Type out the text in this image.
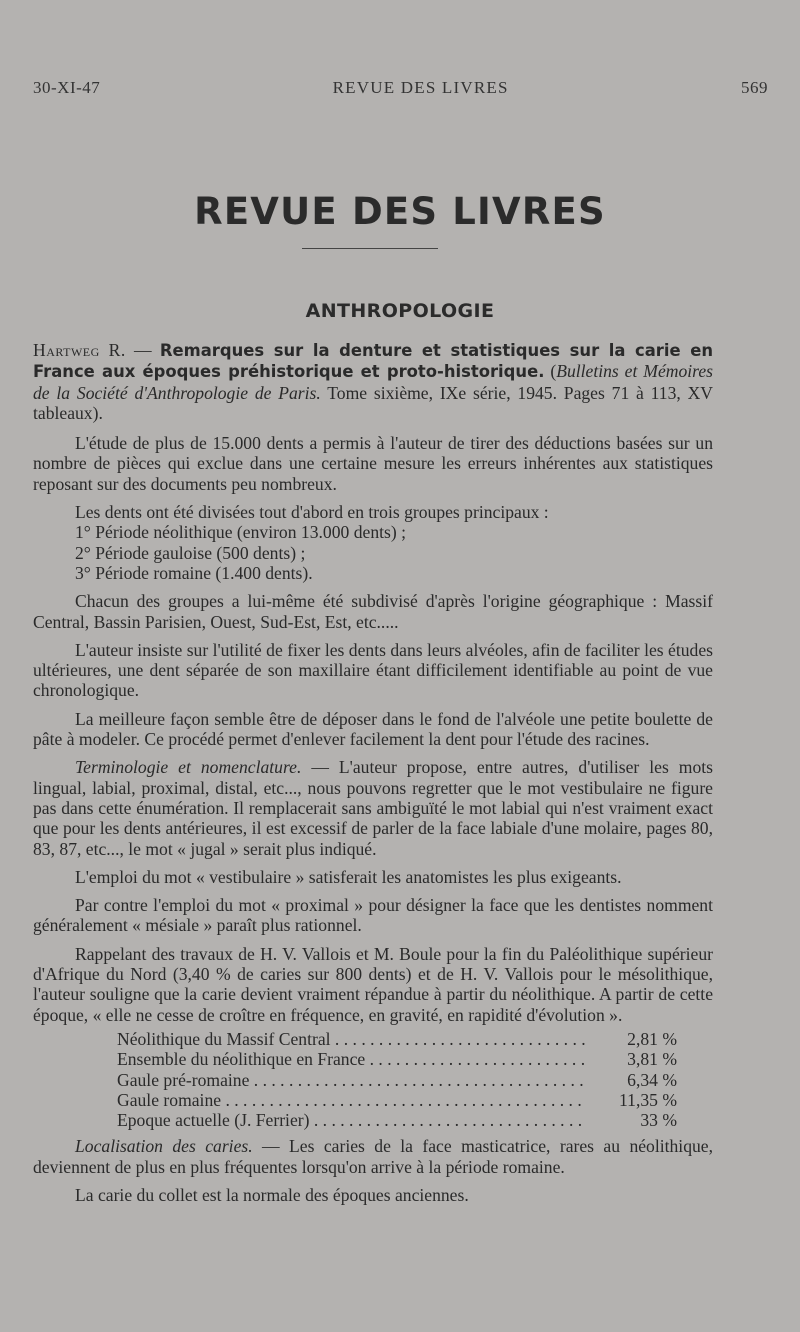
30-XI-47	REVUE DES LIVRES	569
REVUE DES LIVRES
ANTHROPOLOGIE

Hartweg R. — Remarques sur la denture et statistiques sur la carie en France aux époques préhistorique et proto-historique. (Bulletins et Mémoires de la Société d'Anthropologie de Paris. Tome sixième, IXe série, 1945. Pages 71 à 113, XV tableaux).

L'étude de plus de 15.000 dents a permis à l'auteur de tirer des déductions basées sur un nombre de pièces qui exclue dans une certaine mesure les erreurs inhérentes aux statistiques reposant sur des documents peu nombreux.

Les dents ont été divisées tout d'abord en trois groupes principaux :

1° Période néolithique (environ 13.000 dents) ;

2° Période gauloise (500 dents) ;

3° Période romaine (1.400 dents).

Chacun des groupes a lui-même été subdivisé d'après l'origine géographique : Massif Central, Bassin Parisien, Ouest, Sud-Est, Est, etc.....

L'auteur insiste sur l'utilité de fixer les dents dans leurs alvéoles, afin de faciliter les études ultérieures, une dent séparée de son maxillaire étant difficilement identifiable au point de vue chronologique.

La meilleure façon semble être de déposer dans le fond de l'alvéole une petite boulette de pâte à modeler. Ce procédé permet d'enlever facilement la dent pour l'étude des racines.

Terminologie et nomenclature. — L'auteur propose, entre autres, d'utiliser les mots lingual, labial, proximal, distal, etc..., nous pouvons regretter que le mot vestibulaire ne figure pas dans cette énumération. Il remplacerait sans ambiguïté le mot labial qui n'est vraiment exact que pour les dents antérieures, il est excessif de parler de la face labiale d'une molaire, pages 80, 83, 87, etc..., le mot « jugal » serait plus indiqué.

L'emploi du mot « vestibulaire » satisferait les anatomistes les plus exigeants.

Par contre l'emploi du mot « proximal » pour désigner la face que les dentistes nomment généralement « mésiale » paraît plus rationnel.

Rappelant des travaux de H. V. Vallois et M. Boule pour la fin du Paléolithique supérieur d'Afrique du Nord (3,40 % de caries sur 800 dents) et de H. V. Vallois pour le mésolithique, l'auteur souligne que la carie devient vraiment répandue à partir du néolithique. A partir de cette époque, « elle ne cesse de croître en fréquence, en gravité, en rapidité d'évolution ».

Néolithique du Massif Central . . .	2,81 %
Ensemble du néolithique en France . . .	3,81 %
Gaule pré-romaine . . .	6,34 %
Gaule romaine . . .	11,35 %
Epoque actuelle (J. Ferrier) . . .	33 %

Localisation des caries. — Les caries de la face masticatrice, rares au néolithique, deviennent de plus en plus fréquentes lorsqu'on arrive à la période romaine.

La carie du collet est la normale des époques anciennes.
